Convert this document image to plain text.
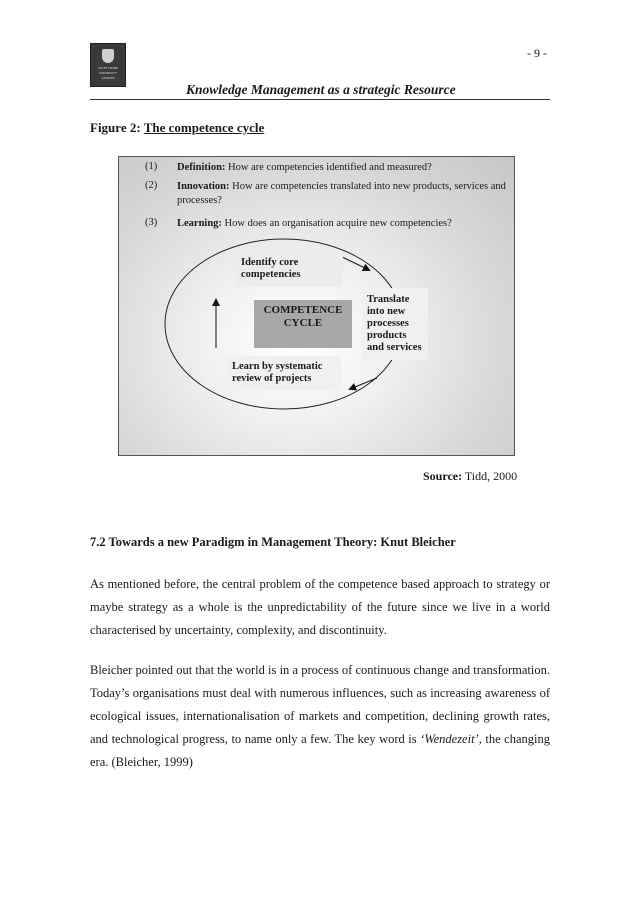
SOUTH BANK
UNIVERSITY
LONDON
- 9 -
Knowledge Management as a strategic Resource
Figure 2: The competence cycle
(1) Definition: How are competencies identified and measured?
(2) Innovation: How are competencies translated into new products, services and processes?
(3) Learning: How does an organisation acquire new competencies?
Identify core competencies
Translate into new processes products and services
Learn by systematic review of projects
COMPETENCE
CYCLE
Source: Tidd, 2000
7.2 Towards a new Paradigm in Management Theory: Knut Bleicher
As mentioned before, the central problem of the competence based approach to strategy or maybe strategy as a whole is the unpredictability of the future since we live in a world characterised by uncertainty, complexity, and discontinuity.
Bleicher pointed out that the world is in a process of continuous change and transformation. Today’s organisations must deal with numerous influences, such as increasing awareness of ecological issues, internationalisation of markets and competition, declining growth rates, and technological progress, to name only a few. The key word is ‘Wendezeit’, the changing era. (Bleicher, 1999)
